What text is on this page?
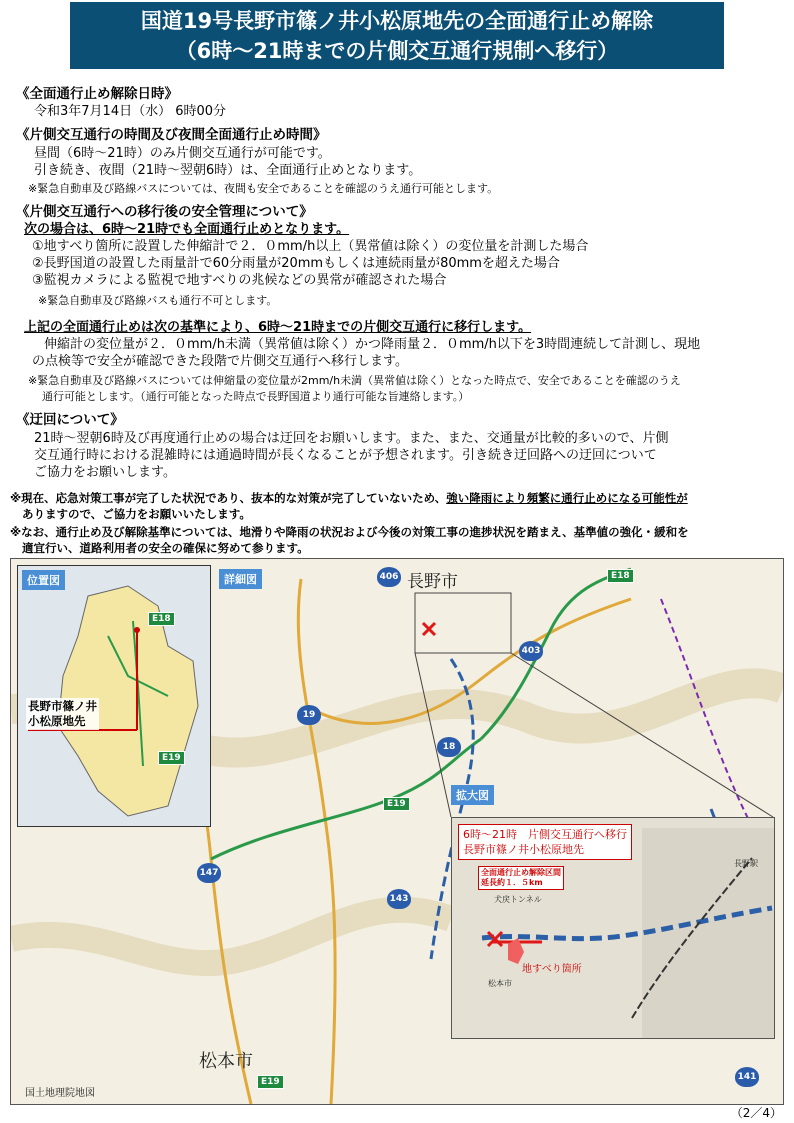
国道19号長野市篠ノ井小松原地先の全面通行止め解除
（6時～21時までの片側交互通行規制へ移行）
《全面通行止め解除日時》
令和3年7月14日（水） 6時00分
《片側交互通行の時間及び夜間全面通行止め時間》
昼間（6時～21時）のみ片側交互通行が可能です。
引き続き、夜間（21時～翌朝6時）は、全面通行止めとなります。
※緊急自動車及び路線バスについては、夜間も安全であることを確認のうえ通行可能とします。
《片側交互通行への移行後の安全管理について》
次の場合は、6時～21時でも全面通行止めとなります。
①地すべり箇所に設置した伸縮計で２．０mm/h以上（異常値は除く）の変位量を計測した場合
②長野国道の設置した雨量計で60分雨量が20mmもしくは連続雨量が80mmを超えた場合
③監視カメラによる監視で地すべりの兆候などの異常が確認された場合
※緊急自動車及び路線バスも通行不可とします。
上記の全面通行止めは次の基準により、6時～21時までの片側交互通行に移行します。
伸縮計の変位量が２．０mm/h未満（異常値は除く）かつ降雨量２．０mm/h以下を3時間連続して計測し、現地
の点検等で安全が確認できた段階で片側交互通行へ移行します。
※緊急自動車及び路線バスについては伸縮量の変位量が2mm/h未満（異常値は除く）となった時点で、安全であることを確認のうえ
通行可能とします。（通行可能となった時点で長野国道より通行可能な旨連絡します。）
《迂回について》
21時～翌朝6時及び再度通行止めの場合は迂回をお願いします。また、また、交通量が比較的多いので、片側
交互通行時における混雑時には通過時間が長くなることが予想されます。引き続き迂回路への迂回について
ご協力をお願いします。
※現在、応急対策工事が完了した状況であり、抜本的な対策が完了していないため、強い降雨により頻繁に通行止めになる可能性が
ありますので、ご協力をお願いいたします。
※なお、通行止め及び解除基準については、地滑りや降雨の状況および今後の対策工事の進捗状況を踏まえ、基準値の強化・緩和を
適宜行い、道路利用者の安全の確保に努めて参ります。
詳細図
位置図
長野市篠ノ井
小松原地先
E18
E19
長野市
松本市
国土地理院地図
406	E18
403
19
18
E19
147
143
141
E19
拡大図
6時～21時　片側交互通行へ移行
長野市篠ノ井小松原地先
全面通行止め解除区間
延長約１．５km
犬戻トンネル
地すべり箇所
長野駅
松本市
（2／4）
